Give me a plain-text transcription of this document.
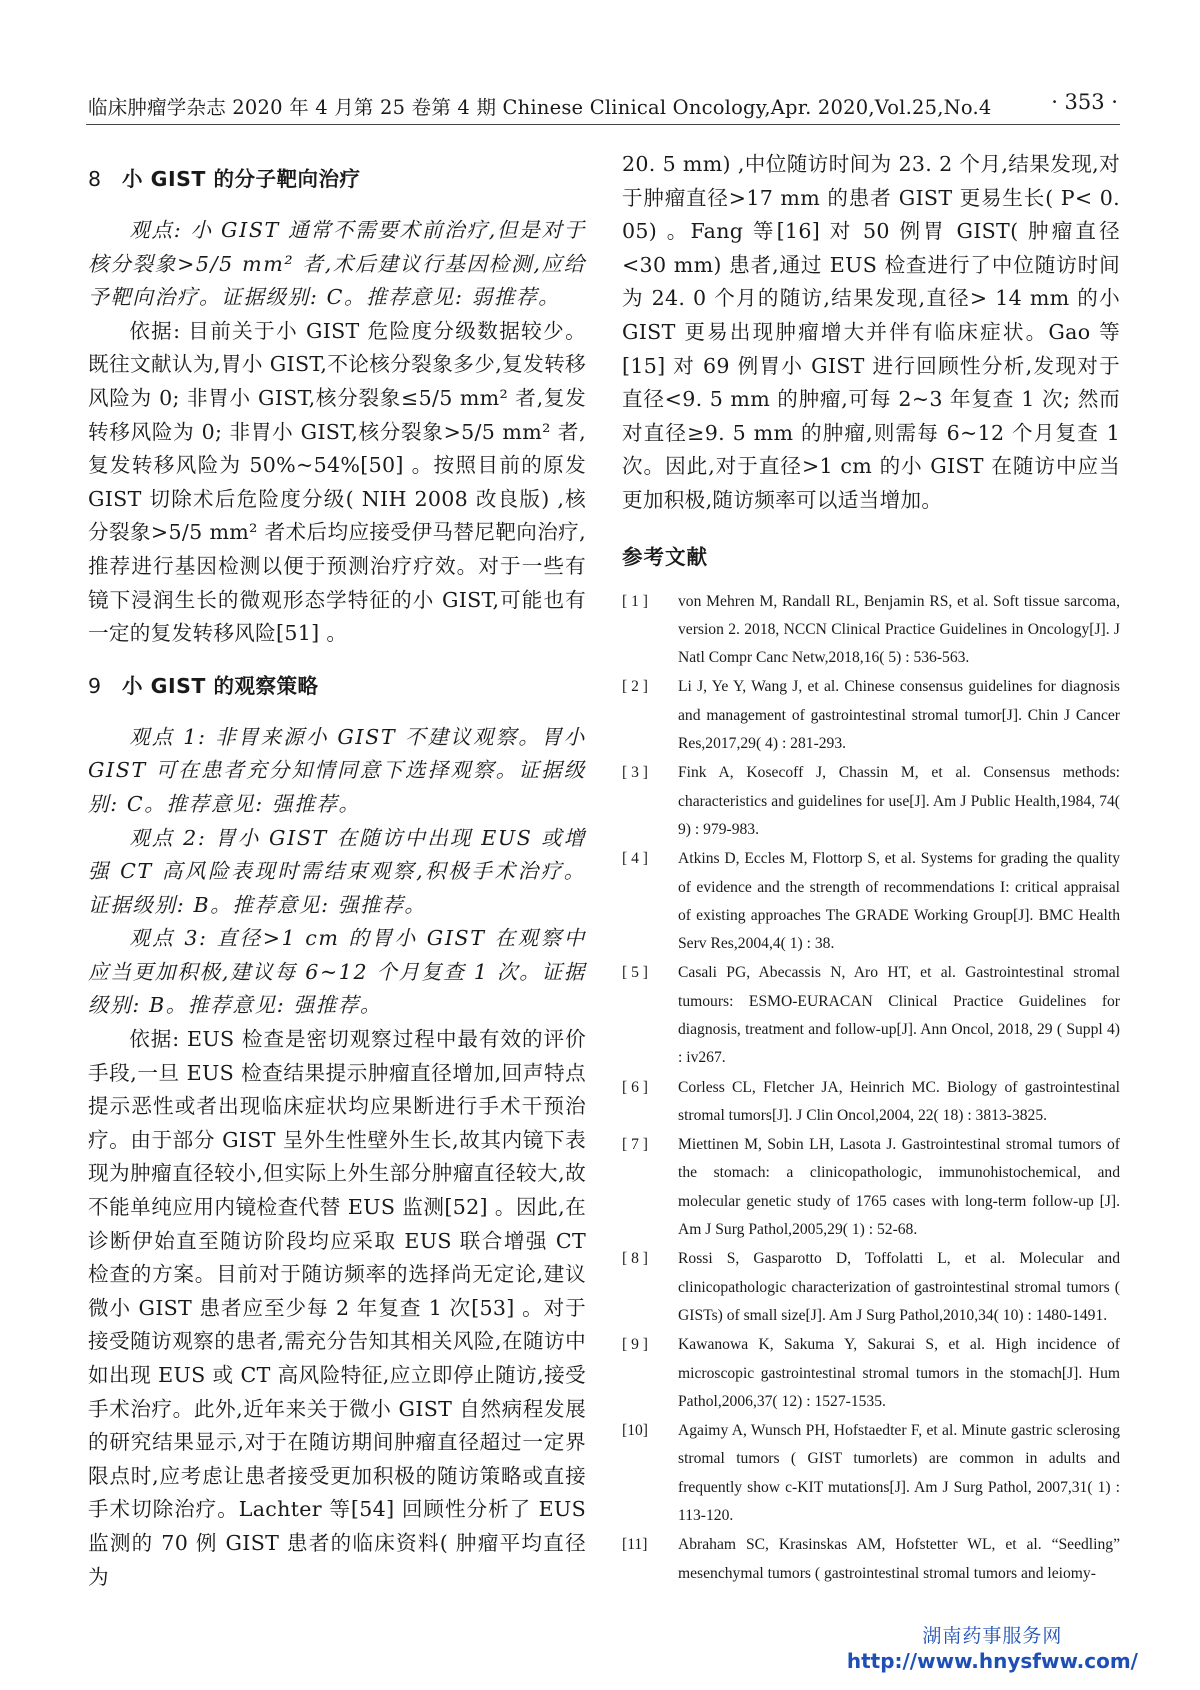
临床肿瘤学杂志 2020 年 4 月第 25 卷第 4 期 Chinese Clinical Oncology,Apr. 2020,Vol.25,No.4	· 353 ·
8 小 GIST 的分子靶向治疗

观点: 小 GIST 通常不需要术前治疗,但是对于核分裂象>5/5 mm² 者,术后建议行基因检测,应给予靶向治疗。证据级别: C。推荐意见: 弱推荐。

依据: 目前关于小 GIST 危险度分级数据较少。既往文献认为,胃小 GIST,不论核分裂象多少,复发转移风险为 0; 非胃小 GIST,核分裂象≤5/5 mm² 者,复发转移风险为 0; 非胃小 GIST,核分裂象>5/5 mm² 者,复发转移风险为 50%~54%[50] 。按照目前的原发 GIST 切除术后危险度分级( NIH 2008 改良版) ,核分裂象>5/5 mm² 者术后均应接受伊马替尼靶向治疗,推荐进行基因检测以便于预测治疗疗效。对于一些有镜下浸润生长的微观形态学特征的小 GIST,可能也有一定的复发转移风险[51] 。

9 小 GIST 的观察策略

观点 1: 非胃来源小 GIST 不建议观察。胃小 GIST 可在患者充分知情同意下选择观察。证据级别: C。推荐意见: 强推荐。

观点 2: 胃小 GIST 在随访中出现 EUS 或增强 CT 高风险表现时需结束观察,积极手术治疗。证据级别: B。推荐意见: 强推荐。

观点 3: 直径>1 cm 的胃小 GIST 在观察中应当更加积极,建议每 6~12 个月复查 1 次。证据级别: B。推荐意见: 强推荐。

依据: EUS 检查是密切观察过程中最有效的评价手段,一旦 EUS 检查结果提示肿瘤直径增加,回声特点提示恶性或者出现临床症状均应果断进行手术干预治疗。由于部分 GIST 呈外生性壁外生长,故其内镜下表现为肿瘤直径较小,但实际上外生部分肿瘤直径较大,故不能单纯应用内镜检查代替 EUS 监测[52] 。因此,在诊断伊始直至随访阶段均应采取 EUS 联合增强 CT 检查的方案。目前对于随访频率的选择尚无定论,建议微小 GIST 患者应至少每 2 年复查 1 次[53] 。对于接受随访观察的患者,需充分告知其相关风险,在随访中如出现 EUS 或 CT 高风险特征,应立即停止随访,接受手术治疗。此外,近年来关于微小 GIST 自然病程发展的研究结果显示,对于在随访期间肿瘤直径超过一定界限点时,应考虑让患者接受更加积极的随访策略或直接手术切除治疗。Lachter 等[54] 回顾性分析了 EUS 监测的 70 例 GIST 患者的临床资料( 肿瘤平均直径为

20. 5 mm) ,中位随访时间为 23. 2 个月,结果发现,对于肿瘤直径>17 mm 的患者 GIST 更易生长( P< 0. 05) 。Fang 等[16] 对 50 例胃 GIST( 肿瘤直径<30 mm) 患者,通过 EUS 检查进行了中位随访时间为 24. 0 个月的随访,结果发现,直径> 14 mm 的小 GIST 更易出现肿瘤增大并伴有临床症状。Gao 等[15] 对 69 例胃小 GIST 进行回顾性分析,发现对于直径<9. 5 mm 的肿瘤,可每 2~3 年复查 1 次; 然而对直径≥9. 5 mm 的肿瘤,则需每 6~12 个月复查 1 次。因此,对于直径>1 cm 的小 GIST 在随访中应当更加积极,随访频率可以适当增加。

参考文献
[ 1 ]	von Mehren M, Randall RL, Benjamin RS, et al. Soft tissue sarcoma, version 2. 2018, NCCN Clinical Practice Guidelines in Oncology[J]. J Natl Compr Canc Netw,2018,16( 5) : 536-563.
[ 2 ]	Li J, Ye Y, Wang J, et al. Chinese consensus guidelines for diagnosis and management of gastrointestinal stromal tumor[J]. Chin J Cancer Res,2017,29( 4) : 281-293.
[ 3 ]	Fink A, Kosecoff J, Chassin M, et al. Consensus methods: characteristics and guidelines for use[J]. Am J Public Health,1984, 74( 9) : 979-983.
[ 4 ]	Atkins D, Eccles M, Flottorp S, et al. Systems for grading the quality of evidence and the strength of recommendations I: critical appraisal of existing approaches The GRADE Working Group[J]. BMC Health Serv Res,2004,4( 1) : 38.
[ 5 ]	Casali PG, Abecassis N, Aro HT, et al. Gastrointestinal stromal tumours: ESMO-EURACAN Clinical Practice Guidelines for diagnosis, treatment and follow-up[J]. Ann Oncol, 2018, 29 ( Suppl 4) : iv267.
[ 6 ]	Corless CL, Fletcher JA, Heinrich MC. Biology of gastrointestinal stromal tumors[J]. J Clin Oncol,2004, 22( 18) : 3813-3825.
[ 7 ]	Miettinen M, Sobin LH, Lasota J. Gastrointestinal stromal tumors of the stomach: a clinicopathologic, immunohistochemical, and molecular genetic study of 1765 cases with long-term follow-up [J]. Am J Surg Pathol,2005,29( 1) : 52-68.
[ 8 ]	Rossi S, Gasparotto D, Toffolatti L, et al. Molecular and clinicopathologic characterization of gastrointestinal stromal tumors ( GISTs) of small size[J]. Am J Surg Pathol,2010,34( 10) : 1480-1491.
[ 9 ]	Kawanowa K, Sakuma Y, Sakurai S, et al. High incidence of microscopic gastrointestinal stromal tumors in the stomach[J]. Hum Pathol,2006,37( 12) : 1527-1535.
[10]	Agaimy A, Wunsch PH, Hofstaedter F, et al. Minute gastric sclerosing stromal tumors ( GIST tumorlets) are common in adults and frequently show c-KIT mutations[J]. Am J Surg Pathol, 2007,31( 1) : 113-120.
[11]	Abraham SC, Krasinskas AM, Hofstetter WL, et al. “Seedling” mesenchymal tumors ( gastrointestinal stromal tumors and leiomy-
湖南药事服务网
http://www.hnysfww.com/
